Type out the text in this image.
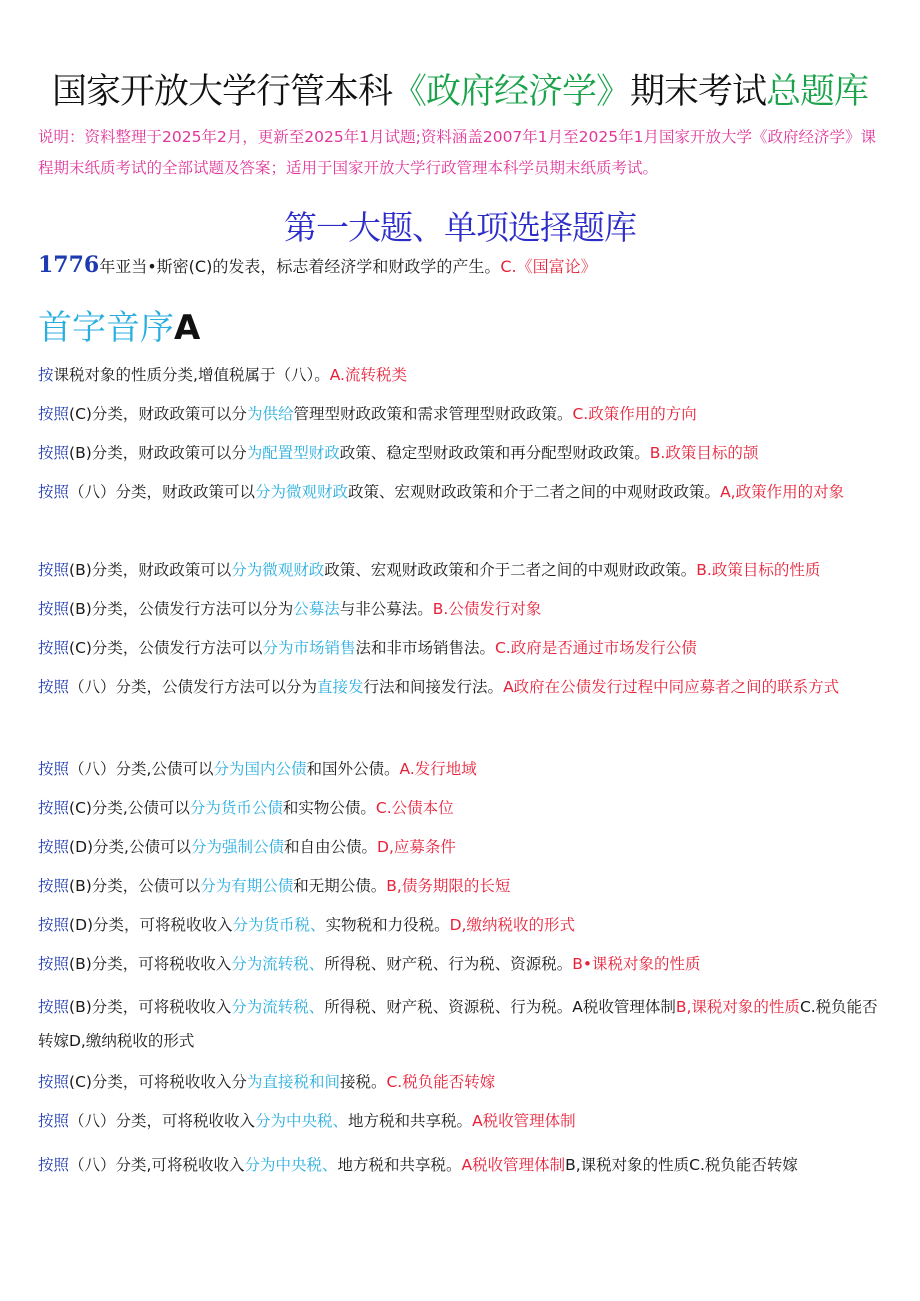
国家开放大学行管本科《政府经济学》期末考试总题库
说明：资料整理于2025年2月，更新至2025年1月试题;资料涵盖2007年1月至2025年1月国家开放大学《政府经济学》课程期末纸质考试的全部试题及答案；适用于国家开放大学行政管理本科学员期末纸质考试。
第一大题、单项选择题库
1776年亚当•斯密(C)的发表，标志着经济学和财政学的产生。C.《国富论》
首字音序A
按课税对象的性质分类,增值税属于（八）。A.流转税类
按照(C)分类，财政政策可以分为供给管理型财政政策和需求管理型财政政策。C.政策作用的方向
按照(B)分类，财政政策可以分为配置型财政政策、稳定型财政政策和再分配型财政政策。B.政策目标的颉
按照（八）分类，财政政策可以分为微观财政政策、宏观财政政策和介于二者之间的中观财政政策。A,政策作用的对象
按照(B)分类，财政政策可以分为微观财政政策、宏观财政政策和介于二者之间的中观财政政策。B.政策目标的性质
按照(B)分类，公债发行方法可以分为公募法与非公募法。B.公债发行对象
按照(C)分类，公债发行方法可以分为市场销售法和非市场销售法。C.政府是否通过市场发行公债
按照（八）分类，公债发行方法可以分为直接发行法和间接发行法。A政府在公债发行过程中同应募者之间的联系方式
按照（八）分类,公债可以分为国内公债和国外公债。A.发行地域
按照(C)分类,公债可以分为货币公债和实物公债。C.公债本位
按照(D)分类,公债可以分为强制公债和自由公债。D,应募条件
按照(B)分类，公债可以分为有期公债和无期公债。B,债务期限的长短
按照(D)分类，可将税收收入分为货币税、实物税和力役税。D,缴纳税收的形式
按照(B)分类，可将税收收入分为流转税、所得税、财产税、行为税、资源税。B•课税对象的性质
按照(B)分类，可将税收收入分为流转税、所得税、财产税、资源税、行为税。A税收管理体制B,课税对象的性质C.税负能否转嫁D,缴纳税收的形式
按照(C)分类，可将税收收入分为直接税和间接税。C.税负能否转嫁
按照（八）分类，可将税收收入分为中央税、地方税和共享税。A税收管理体制
按照（八）分类,可将税收收入分为中央税、地方税和共享税。A税收管理体制B,课税对象的性质C.税负能否转嫁
